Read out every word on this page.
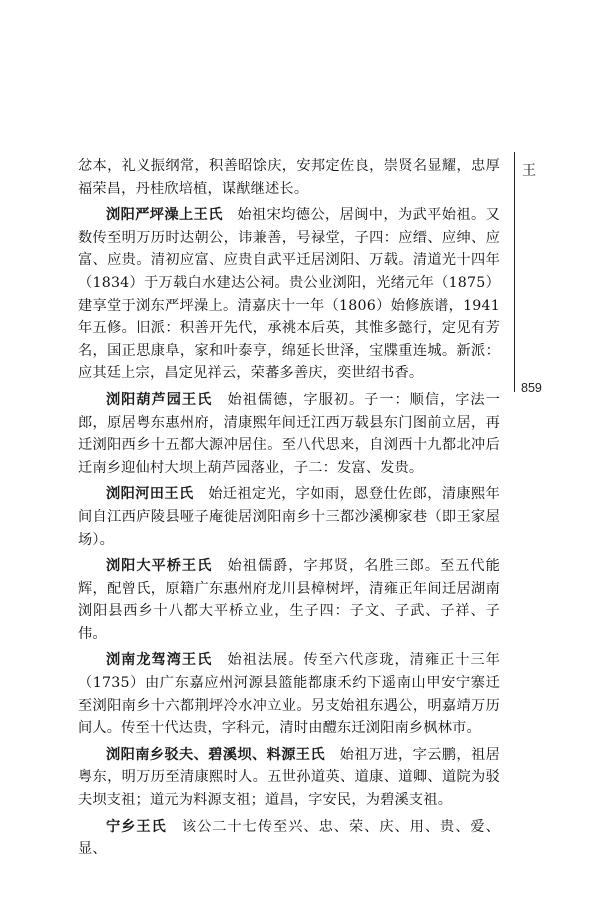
王
859

忿本，礼义振纲常，积善昭馀庆，安邦定佐良，崇贤名显耀，忠厚福荣昌，丹桂欣培植，谋猷继述长。

浏阳严坪澡上王氏　始祖宋均德公，居闽中，为武平始祖。又数传至明万历时达朝公，讳兼善，号禄堂，子四：应缙、应绅、应富、应贵。清初应富、应贵自武平迁居浏阳、万载。清道光十四年（1834）于万载白水建达公祠。贵公业浏阳，光绪元年（1875）建享堂于浏东严坪澡上。清嘉庆十一年（1806）始修族谱，1941年五修。旧派：积善开先代，承祧本后英，其惟多懿行，定见有芳名，国正思康阜，家和叶泰亨，绵延长世泽，宝牒重连城。新派：应其廷上宗，昌定见祥云，荣蕃多善庆，奕世绍书香。

浏阳葫芦园王氏　始祖儒德，字服初。子一：顺信，字法一郎，原居粤东惠州府，清康熙年间迁江西万载县东门图前立居，再迁浏阳西乡十五都大源冲居住。至八代思来，自浏西十九都北冲后迁南乡迎仙村大坝上葫芦园落业，子二：发富、发贵。

浏阳河田王氏　始迁祖定光，字如雨，恩登仕佐郎，清康熙年间自江西庐陵县哑子庵徙居浏阳南乡十三都沙溪柳家巷（即王家屋场）。

浏阳大平桥王氏　始祖儒爵，字邦贤，名胜三郎。至五代能辉，配曾氏，原籍广东惠州府龙川县樟树坪，清雍正年间迁居湖南浏阳县西乡十八都大平桥立业，生子四：子文、子武、子祥、子伟。

浏南龙驾湾王氏　始祖法展。传至六代彦珑，清雍正十三年（1735）由广东嘉应州河源县篮能都康禾约下遥南山甲安宁寨迁至浏阳南乡十六都荆坪冷水冲立业。另支始祖东遇公，明嘉靖万历间人。传至十代达贵，字科元，清时由醴东迁浏阳南乡枫林市。

浏阳南乡驳夫、碧溪坝、料源王氏　始祖万进，字云鹏，祖居粤东，明万历至清康熙时人。五世孙道英、道康、道卿、道院为驳夫坝支祖；道元为料源支祖；道昌，字安民，为碧溪支祖。

宁乡王氏　该公二十七传至兴、忠、荣、庆、用、贵、爱、显、
